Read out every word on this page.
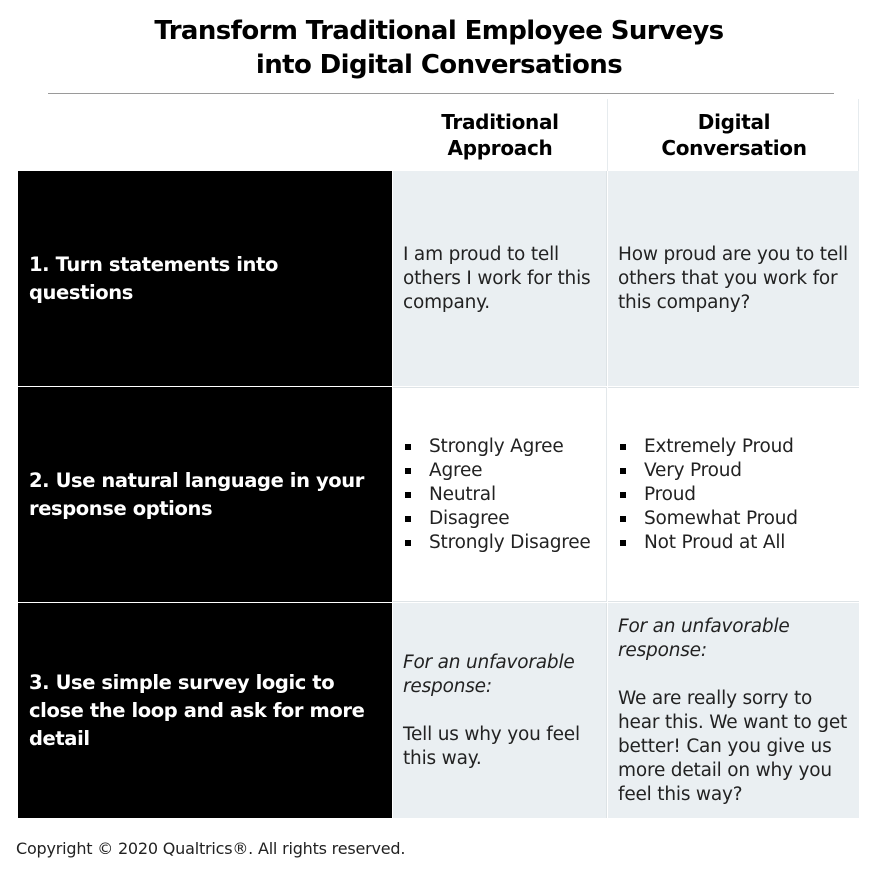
Transform Traditional Employee Surveys
into Digital Conversations
Traditional
Approach
Digital
Conversation
1. Turn statements into questions
I am proud to tell others I work for this company.
How proud are you to tell others that you work for this company?
2. Use natural language in your response options
Strongly Agree
Agree
Neutral
Disagree
Strongly Disagree
Extremely Proud
Very Proud
Proud
Somewhat Proud
Not Proud at All
3. Use simple survey logic to close the loop and ask for more detail
For an unfavorable response:
Tell us why you feel this way.
For an unfavorable response:
We are really sorry to hear this. We want to get better! Can you give us more detail on why you feel this way?
Copyright © 2020 Qualtrics®. All rights reserved.
